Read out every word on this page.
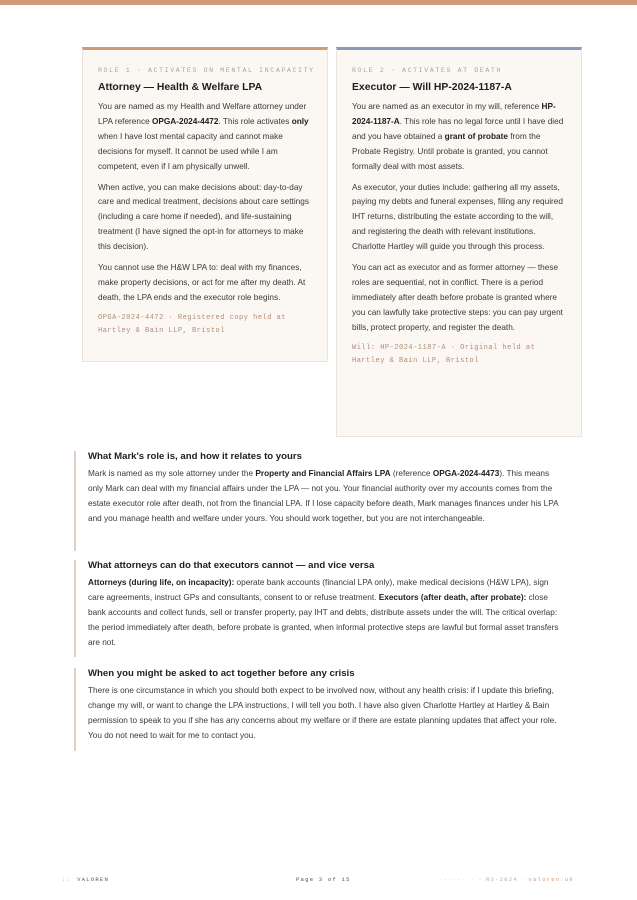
ROLE 1 · ACTIVATES ON MENTAL INCAPACITY
Attorney — Health & Welfare LPA

You are named as my Health and Welfare attorney under LPA reference OPGA-2024-4472. This role activates only when I have lost mental capacity and cannot make decisions for myself. It cannot be used while I am competent, even if I am physically unwell.

When active, you can make decisions about: day-to-day care and medical treatment, decisions about care settings (including a care home if needed), and life-sustaining treatment (I have signed the opt-in for attorneys to make this decision).

You cannot use the H&W LPA to: deal with my finances, make property decisions, or act for me after my death. At death, the LPA ends and the executor role begins.

OPGA-2024-4472 · Registered copy held at Hartley & Bain LLP, Bristol
ROLE 2 · ACTIVATES AT DEATH
Executor — Will HP-2024-1187-A

You are named as an executor in my will, reference HP-2024-1187-A. This role has no legal force until I have died and you have obtained a grant of probate from the Probate Registry. Until probate is granted, you cannot formally deal with most assets.

As executor, your duties include: gathering all my assets, paying my debts and funeral expenses, filing any required IHT returns, distributing the estate according to the will, and registering the death with relevant institutions. Charlotte Hartley will guide you through this process.

You can act as executor and as former attorney — these roles are sequential, not in conflict. There is a period immediately after death before probate is granted where you can lawfully take protective steps: you can pay urgent bills, protect property, and register the death.

Will: HP-2024-1187-A · Original held at Hartley & Bain LLP, Bristol
What Mark's role is, and how it relates to yours

Mark is named as my sole attorney under the Property and Financial Affairs LPA (reference OPGA-2024-4473). This means only Mark can deal with my financial affairs under the LPA — not you. Your financial authority over my accounts comes from the estate executor role after death, not from the financial LPA. If I lose capacity before death, Mark manages finances under his LPA and you manage health and welfare under yours. You should work together, but you are not interchangeable.

What attorneys can do that executors cannot — and vice versa

Attorneys (during life, on incapacity): operate bank accounts (financial LPA only), make medical decisions (H&W LPA), sign care agreements, instruct GPs and consultants, consent to or refuse treatment. Executors (after death, after probate): close bank accounts and collect funds, sell or transfer property, pay IHT and debts, distribute assets under the will. The critical overlap: the period immediately after death, before probate is granted, when informal protective steps are lawful but formal asset transfers are not.

When you might be asked to act together before any crisis

There is one circumstance in which you should both expect to be involved now, without any health crisis: if I update this briefing, change my will, or want to change the LPA instructions, I will tell you both. I have also given Charlotte Hartley at Hartley & Bain permission to speak to you if she has any concerns about my welfare or if there are estate planning updates that affect your role. You do not need to wait for me to contact you.

:: VALOREN	Page 3 of 15	········ · RS-2024 · valoren.uk
